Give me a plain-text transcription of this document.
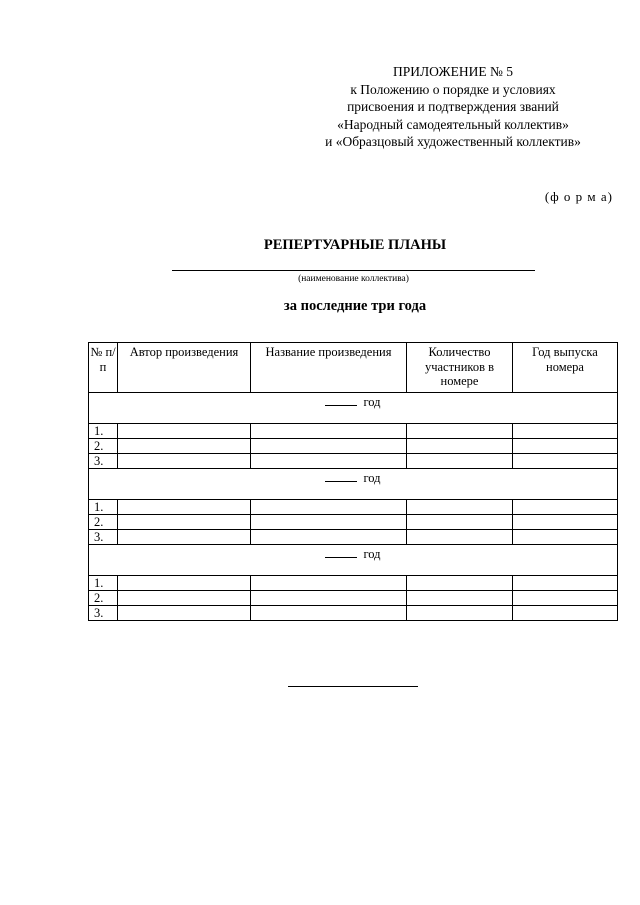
ПРИЛОЖЕНИЕ № 5
к Положению о порядке и условиях
присвоения и подтверждения званий
«Народный самодеятельный коллектив»
и «Образцовый художественный коллектив»
(ф о р м а)
РЕПЕРТУАРНЫЕ ПЛАНЫ
(наименование коллектива)
за последние три года
№ п/п	Автор произведения	Название произведения	Количество участников в номере	Год выпуска номера
год				
1.				
2.				
3.				
год				
1.				
2.				
3.				
год				
1.				
2.				
3.				
